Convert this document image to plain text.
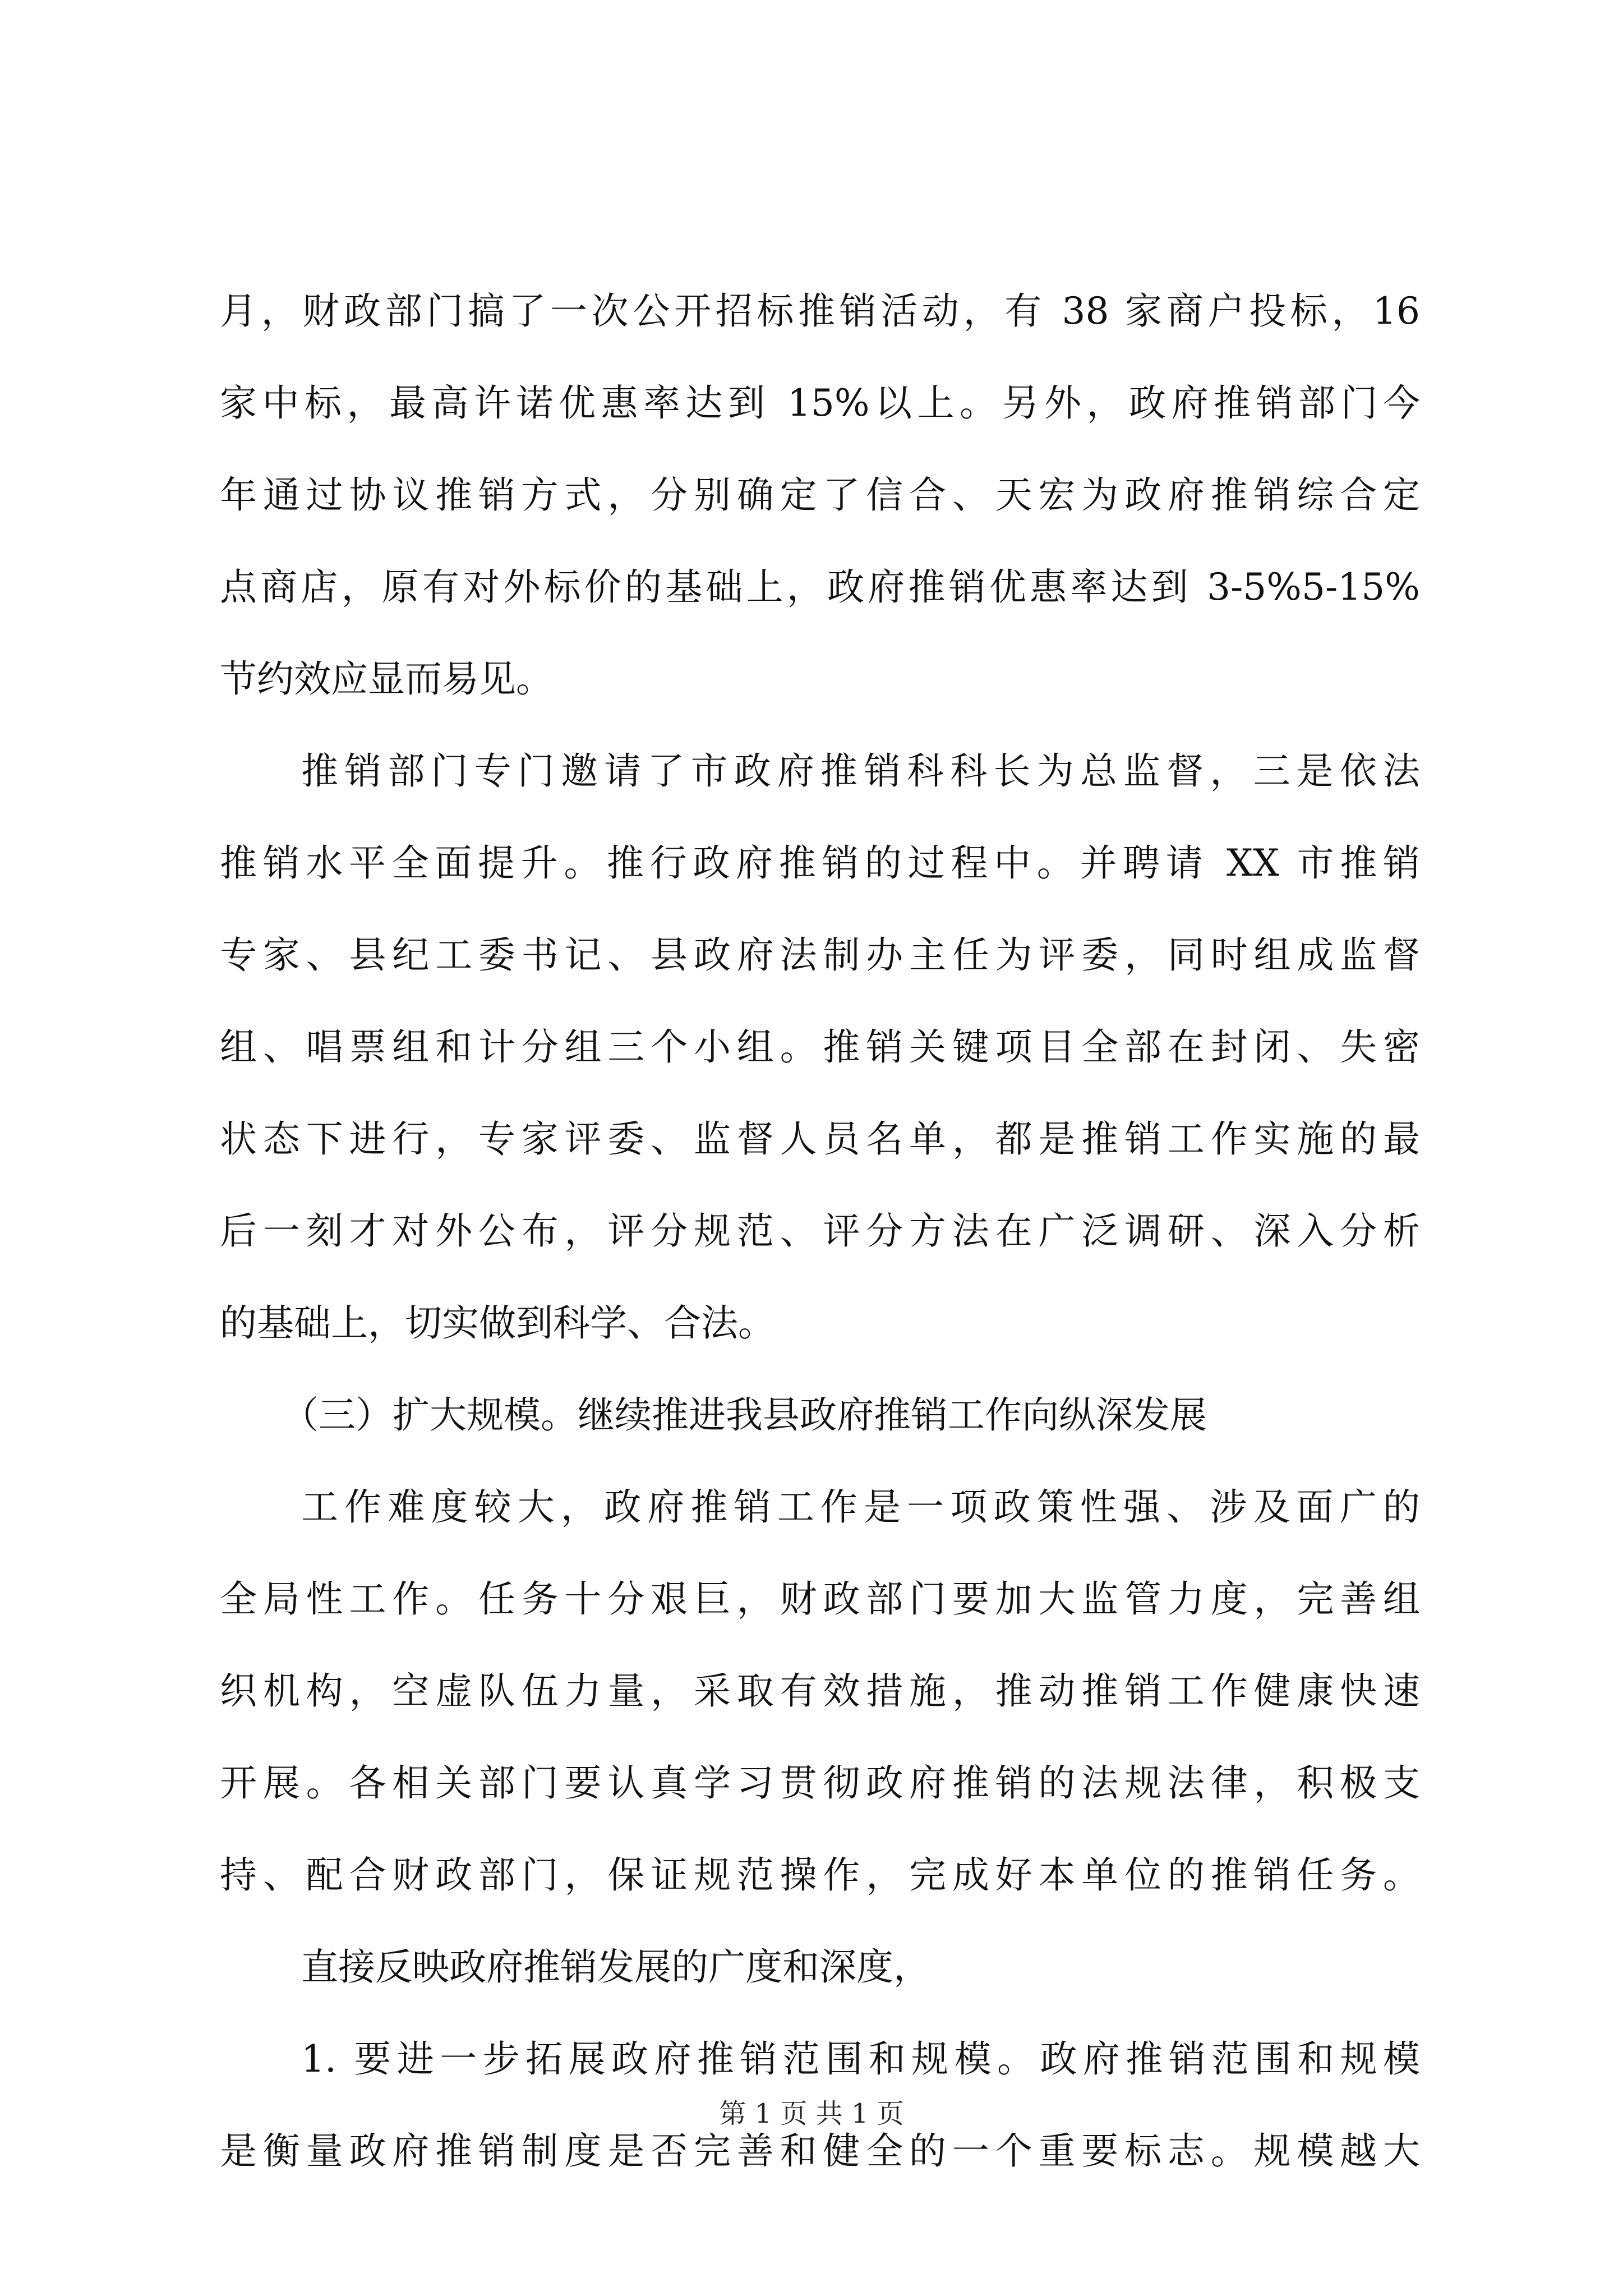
月，财政部门搞了一次公开招标推销活动，有 38 家商户投标，16
家中标，最高许诺优惠率达到 15%以上。另外，政府推销部门今
年通过协议推销方式，分别确定了信合、天宏为政府推销综合定
点商店，原有对外标价的基础上，政府推销优惠率达到 3-5%5-15%
节约效应显而易见。
推销部门专门邀请了市政府推销科科长为总监督，三是依法
推销水平全面提升。推行政府推销的过程中。并聘请 XX 市推销
专家、县纪工委书记、县政府法制办主任为评委，同时组成监督
组、唱票组和计分组三个小组。推销关键项目全部在封闭、失密
状态下进行，专家评委、监督人员名单，都是推销工作实施的最
后一刻才对外公布，评分规范、评分方法在广泛调研、深入分析
的基础上，切实做到科学、合法。
（三）扩大规模。继续推进我县政府推销工作向纵深发展
工作难度较大，政府推销工作是一项政策性强、涉及面广的
全局性工作。任务十分艰巨，财政部门要加大监管力度，完善组
织机构，空虚队伍力量，采取有效措施，推动推销工作健康快速
开展。各相关部门要认真学习贯彻政府推销的法规法律，积极支
持、配合财政部门，保证规范操作，完成好本单位的推销任务。
直接反映政府推销发展的广度和深度，
1. 要进一步拓展政府推销范围和规模。政府推销范围和规模
是衡量政府推销制度是否完善和健全的一个重要标志。规模越大
第 1 页 共 1 页
